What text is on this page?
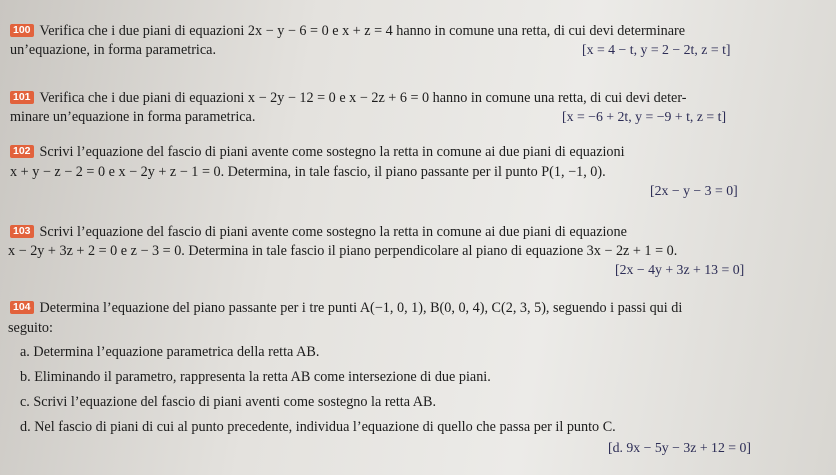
100 Verifica che i due piani di equazioni 2x − y − 6 = 0 e x + z = 4 hanno in comune una retta, di cui devi determinare
un’equazione, in forma parametrica.	[x = 4 − t, y = 2 − 2t, z = t]
101 Verifica che i due piani di equazioni x − 2y − 12 = 0 e x − 2z + 6 = 0 hanno in comune una retta, di cui devi deter-
minare un’equazione in forma parametrica.	[x = −6 + 2t, y = −9 + t, z = t]
102 Scrivi l’equazione del fascio di piani avente come sostegno la retta in comune ai due piani di equazioni
x + y − z − 2 = 0 e x − 2y + z − 1 = 0. Determina, in tale fascio, il piano passante per il punto P(1, −1, 0).
[2x − y − 3 = 0]
103 Scrivi l’equazione del fascio di piani avente come sostegno la retta in comune ai due piani di equazione
x − 2y + 3z + 2 = 0 e z − 3 = 0. Determina in tale fascio il piano perpendicolare al piano di equazione 3x − 2z + 1 = 0.
[2x − 4y + 3z + 13 = 0]
104 Determina l’equazione del piano passante per i tre punti A(−1, 0, 1), B(0, 0, 4), C(2, 3, 5), seguendo i passi qui di
seguito:
a. Determina l’equazione parametrica della retta AB.
b. Eliminando il parametro, rappresenta la retta AB come intersezione di due piani.
c. Scrivi l’equazione del fascio di piani aventi come sostegno la retta AB.
d. Nel fascio di piani di cui al punto precedente, individua l’equazione di quello che passa per il punto C.
[d. 9x − 5y − 3z + 12 = 0]
